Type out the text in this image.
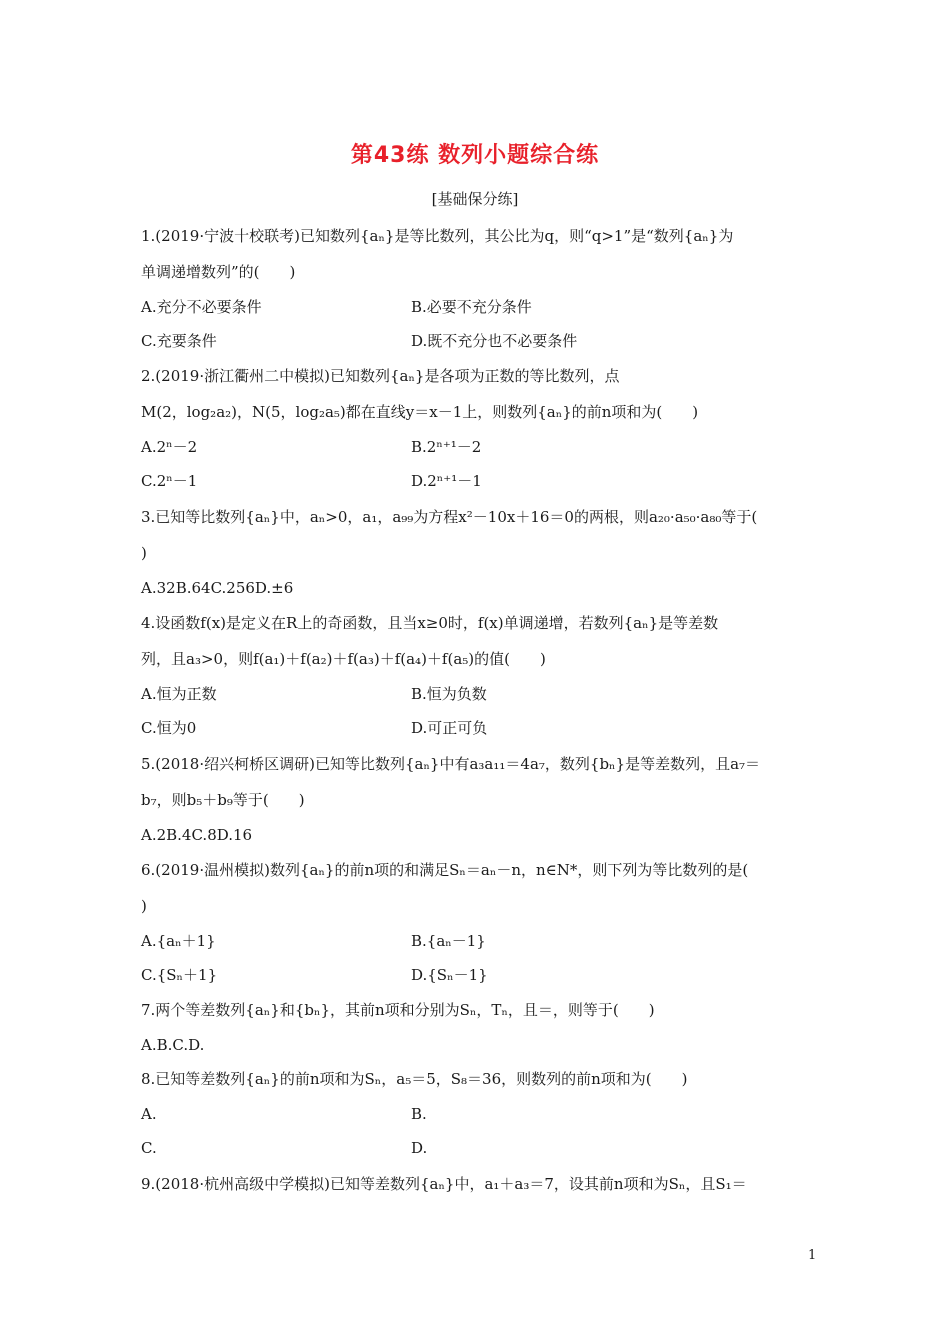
第43练 数列小题综合练
[基础保分练]
1.(2019·宁波十校联考)已知数列{aₙ}是等比数列，其公比为q，则“q>1”是“数列{aₙ}为
单调递增数列”的(　　)
A.充分不必要条件	B.必要不充分条件
C.充要条件	D.既不充分也不必要条件
2.(2019·浙江衢州二中模拟)已知数列{aₙ}是各项为正数的等比数列，点
M(2，log₂a₂)，N(5，log₂a₅)都在直线y＝x－1上，则数列{aₙ}的前n项和为(　　)
A.2ⁿ－2	B.2ⁿ⁺¹－2
C.2ⁿ－1	D.2ⁿ⁺¹－1
3.已知等比数列{aₙ}中，aₙ>0，a₁，a₉₉为方程x²－10x＋16＝0的两根，则a₂₀·a₅₀·a₈₀等于(
)
A.32B.64C.256D.±6
4.设函数f(x)是定义在R上的奇函数，且当x≥0时，f(x)单调递增，若数列{aₙ}是等差数
列，且a₃>0，则f(a₁)＋f(a₂)＋f(a₃)＋f(a₄)＋f(a₅)的值(　　)
A.恒为正数	B.恒为负数
C.恒为0	D.可正可负
5.(2018·绍兴柯桥区调研)已知等比数列{aₙ}中有a₃a₁₁＝4a₇，数列{bₙ}是等差数列，且a₇＝
b₇，则b₅＋b₉等于(　　)
A.2B.4C.8D.16
6.(2019·温州模拟)数列{aₙ}的前n项的和满足Sₙ＝aₙ－n，n∈N*，则下列为等比数列的是(
)
A.{aₙ＋1}	B.{aₙ－1}
C.{Sₙ＋1}	D.{Sₙ－1}
7.两个等差数列{aₙ}和{bₙ}，其前n项和分别为Sₙ，Tₙ，且＝，则等于(　　)
A.B.C.D.
8.已知等差数列{aₙ}的前n项和为Sₙ，a₅＝5，S₈＝36，则数列的前n项和为(　　)
A.	B.
C.	D.
9.(2018·杭州高级中学模拟)已知等差数列{aₙ}中，a₁＋a₃＝7，设其前n项和为Sₙ，且S₁＝
1
